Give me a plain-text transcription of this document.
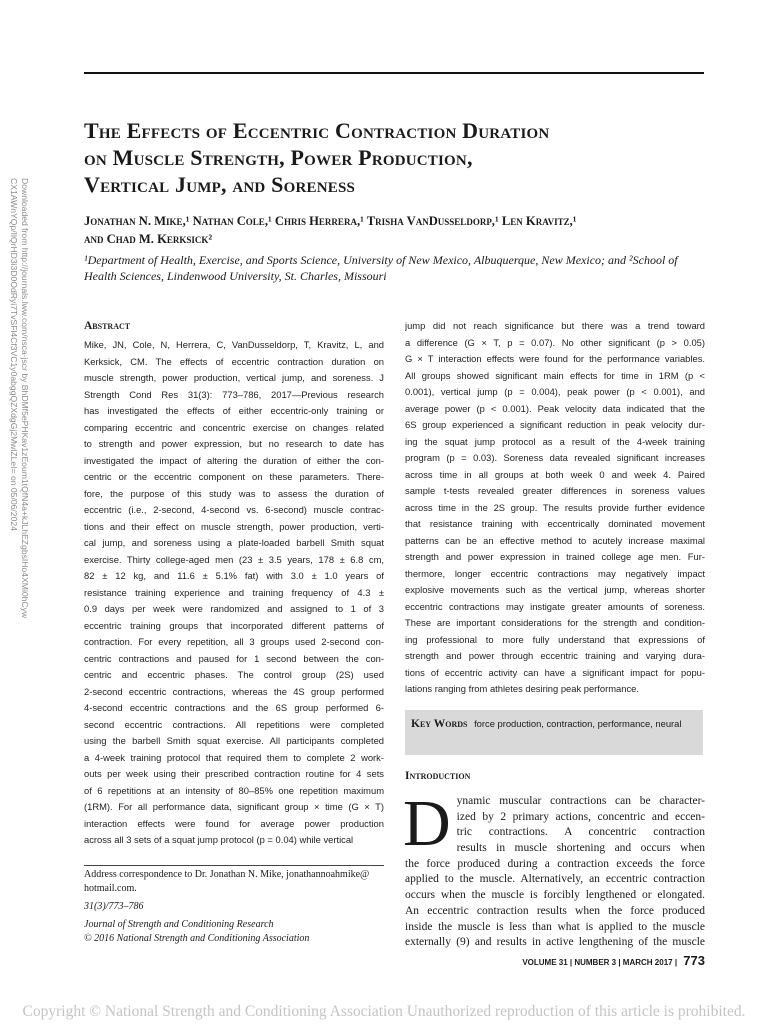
Downloaded from http://journals.lww.com/nsca-jscr by BhDMf5ePHKav1zEoum1tQfN4a+kJLhEZgbsIHo4XMi0hCyw
CX1AWnYQp/IlQrHD3i3D0OdRyi7TvSFl4Cf3VC1y0abggQZXdgGj2MwlZLeI= on 05/06/2024
The Effects of Eccentric Contraction Duration
on Muscle Strength, Power Production,
Vertical Jump, and Soreness
Jonathan N. Mike,¹ Nathan Cole,¹ Chris Herrera,¹ Trisha VanDusseldorp,¹ Len Kravitz,¹
and Chad M. Kerksick²
¹Department of Health, Exercise, and Sports Science, University of New Mexico, Albuquerque, New Mexico; and ²School of
Health Sciences, Lindenwood University, St. Charles, Missouri
Abstract
Mike, JN, Cole, N, Herrera, C, VanDusseldorp, T, Kravitz, L, and
Kerksick, CM. The effects of eccentric contraction duration on
muscle strength, power production, vertical jump, and soreness. J
Strength Cond Res 31(3): 773–786, 2017—Previous research
has investigated the effects of either eccentric-only training or
comparing eccentric and concentric exercise on changes related
to strength and power expression, but no research to date has
investigated the impact of altering the duration of either the con-
centric or the eccentric component on these parameters. There-
fore, the purpose of this study was to assess the duration of
eccentric (i.e., 2-second, 4-second vs. 6-second) muscle contrac-
tions and their effect on muscle strength, power production, verti-
cal jump, and soreness using a plate-loaded barbell Smith squat
exercise. Thirty college-aged men (23 ± 3.5 years, 178 ± 6.8 cm,
82 ± 12 kg, and 11.6 ± 5.1% fat) with 3.0 ± 1.0 years of
resistance training experience and training frequency of 4.3 ±
0.9 days per week were randomized and assigned to 1 of 3
eccentric training groups that incorporated different patterns of
contraction. For every repetition, all 3 groups used 2-second con-
centric contractions and paused for 1 second between the con-
centric and eccentric phases. The control group (2S) used
2-second eccentric contractions, whereas the 4S group performed
4-second eccentric contractions and the 6S group performed 6-
second eccentric contractions. All repetitions were completed
using the barbell Smith squat exercise. All participants completed
a 4-week training protocol that required them to complete 2 work-
outs per week using their prescribed contraction routine for 4 sets
of 6 repetitions at an intensity of 80–85% one repetition maximum
(1RM). For all performance data, significant group × time (G × T)
interaction effects were found for average power production
across all 3 sets of a squat jump protocol (p = 0.04) while vertical
jump did not reach significance but there was a trend toward
a difference (G × T, p = 0.07). No other significant (p > 0.05)
G × T interaction effects were found for the performance variables.
All groups showed significant main effects for time in 1RM (p <
0.001), vertical jump (p = 0.004), peak power (p < 0.001), and
average power (p < 0.001). Peak velocity data indicated that the
6S group experienced a significant reduction in peak velocity dur-
ing the squat jump protocol as a result of the 4-week training
program (p = 0.03). Soreness data revealed significant increases
across time in all groups at both week 0 and week 4. Paired
sample t-tests revealed greater differences in soreness values
across time in the 2S group. The results provide further evidence
that resistance training with eccentrically dominated movement
patterns can be an effective method to acutely increase maximal
strength and power expression in trained college age men. Fur-
thermore, longer eccentric contractions may negatively impact
explosive movements such as the vertical jump, whereas shorter
eccentric contractions may instigate greater amounts of soreness.
These are important considerations for the strength and condition-
ing professional to more fully understand that expressions of
strength and power through eccentric training and varying dura-
tions of eccentric activity can have a significant impact for popu-
lations ranging from athletes desiring peak performance.
Key Words force production, contraction, performance, neural
Introduction
D ynamic muscular contractions can be character-
ized by 2 primary actions, concentric and eccen-
tric contractions. A concentric contraction
results in muscle shortening and occurs when
the force produced during a contraction exceeds the force
applied to the muscle. Alternatively, an eccentric contraction
occurs when the muscle is forcibly lengthened or elongated.
An eccentric contraction results when the force produced
inside the muscle is less than what is applied to the muscle
externally (9) and results in active lengthening of the muscle
Address correspondence to Dr. Jonathan N. Mike, jonathannoahmike@
hotmail.com.
31(3)/773–786
Journal of Strength and Conditioning Research
© 2016 National Strength and Conditioning Association
VOLUME 31 | NUMBER 3 | MARCH 2017 | 773
Copyright © National Strength and Conditioning Association Unauthorized reproduction of this article is prohibited.
